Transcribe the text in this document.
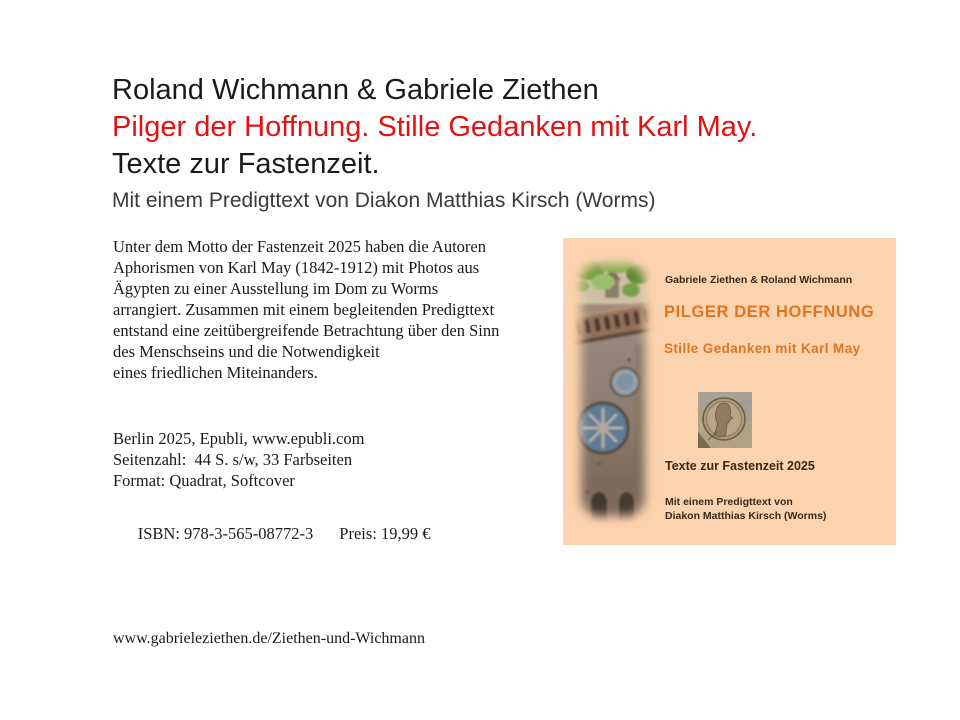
Roland Wichmann & Gabriele Ziethen
Pilger der Hoffnung. Stille Gedanken mit Karl May.
Texte zur Fastenzeit.
Mit einem Predigttext von Diakon Matthias Kirsch (Worms)
Unter dem Motto der Fastenzeit 2025 haben die Autoren
Aphorismen von Karl May (1842-1912) mit Photos aus
Ägypten zu einer Ausstellung im Dom zu Worms
arrangiert. Zusammen mit einem begleitenden Predigttext
entstand eine zeitübergreifende Betrachtung über den Sinn
des Menschseins und die Notwendigkeit
eines friedlichen Miteinanders.
Berlin 2025, Epubli, www.epubli.com
Seitenzahl:  44 S. s/w, 33 Farbseiten
Format: Quadrat, Softcover

ISBN: 978-3-565-08772-3 Preis: 19,99 €

www.gabrieleziethen.de/Ziethen-und-Wichmann
Gabriele Ziethen & Roland Wichmann
PILGER DER HOFFNUNG
Stille Gedanken mit Karl May
Texte zur Fastenzeit 2025
Mit einem Predigttext von
Diakon Matthias Kirsch (Worms)
